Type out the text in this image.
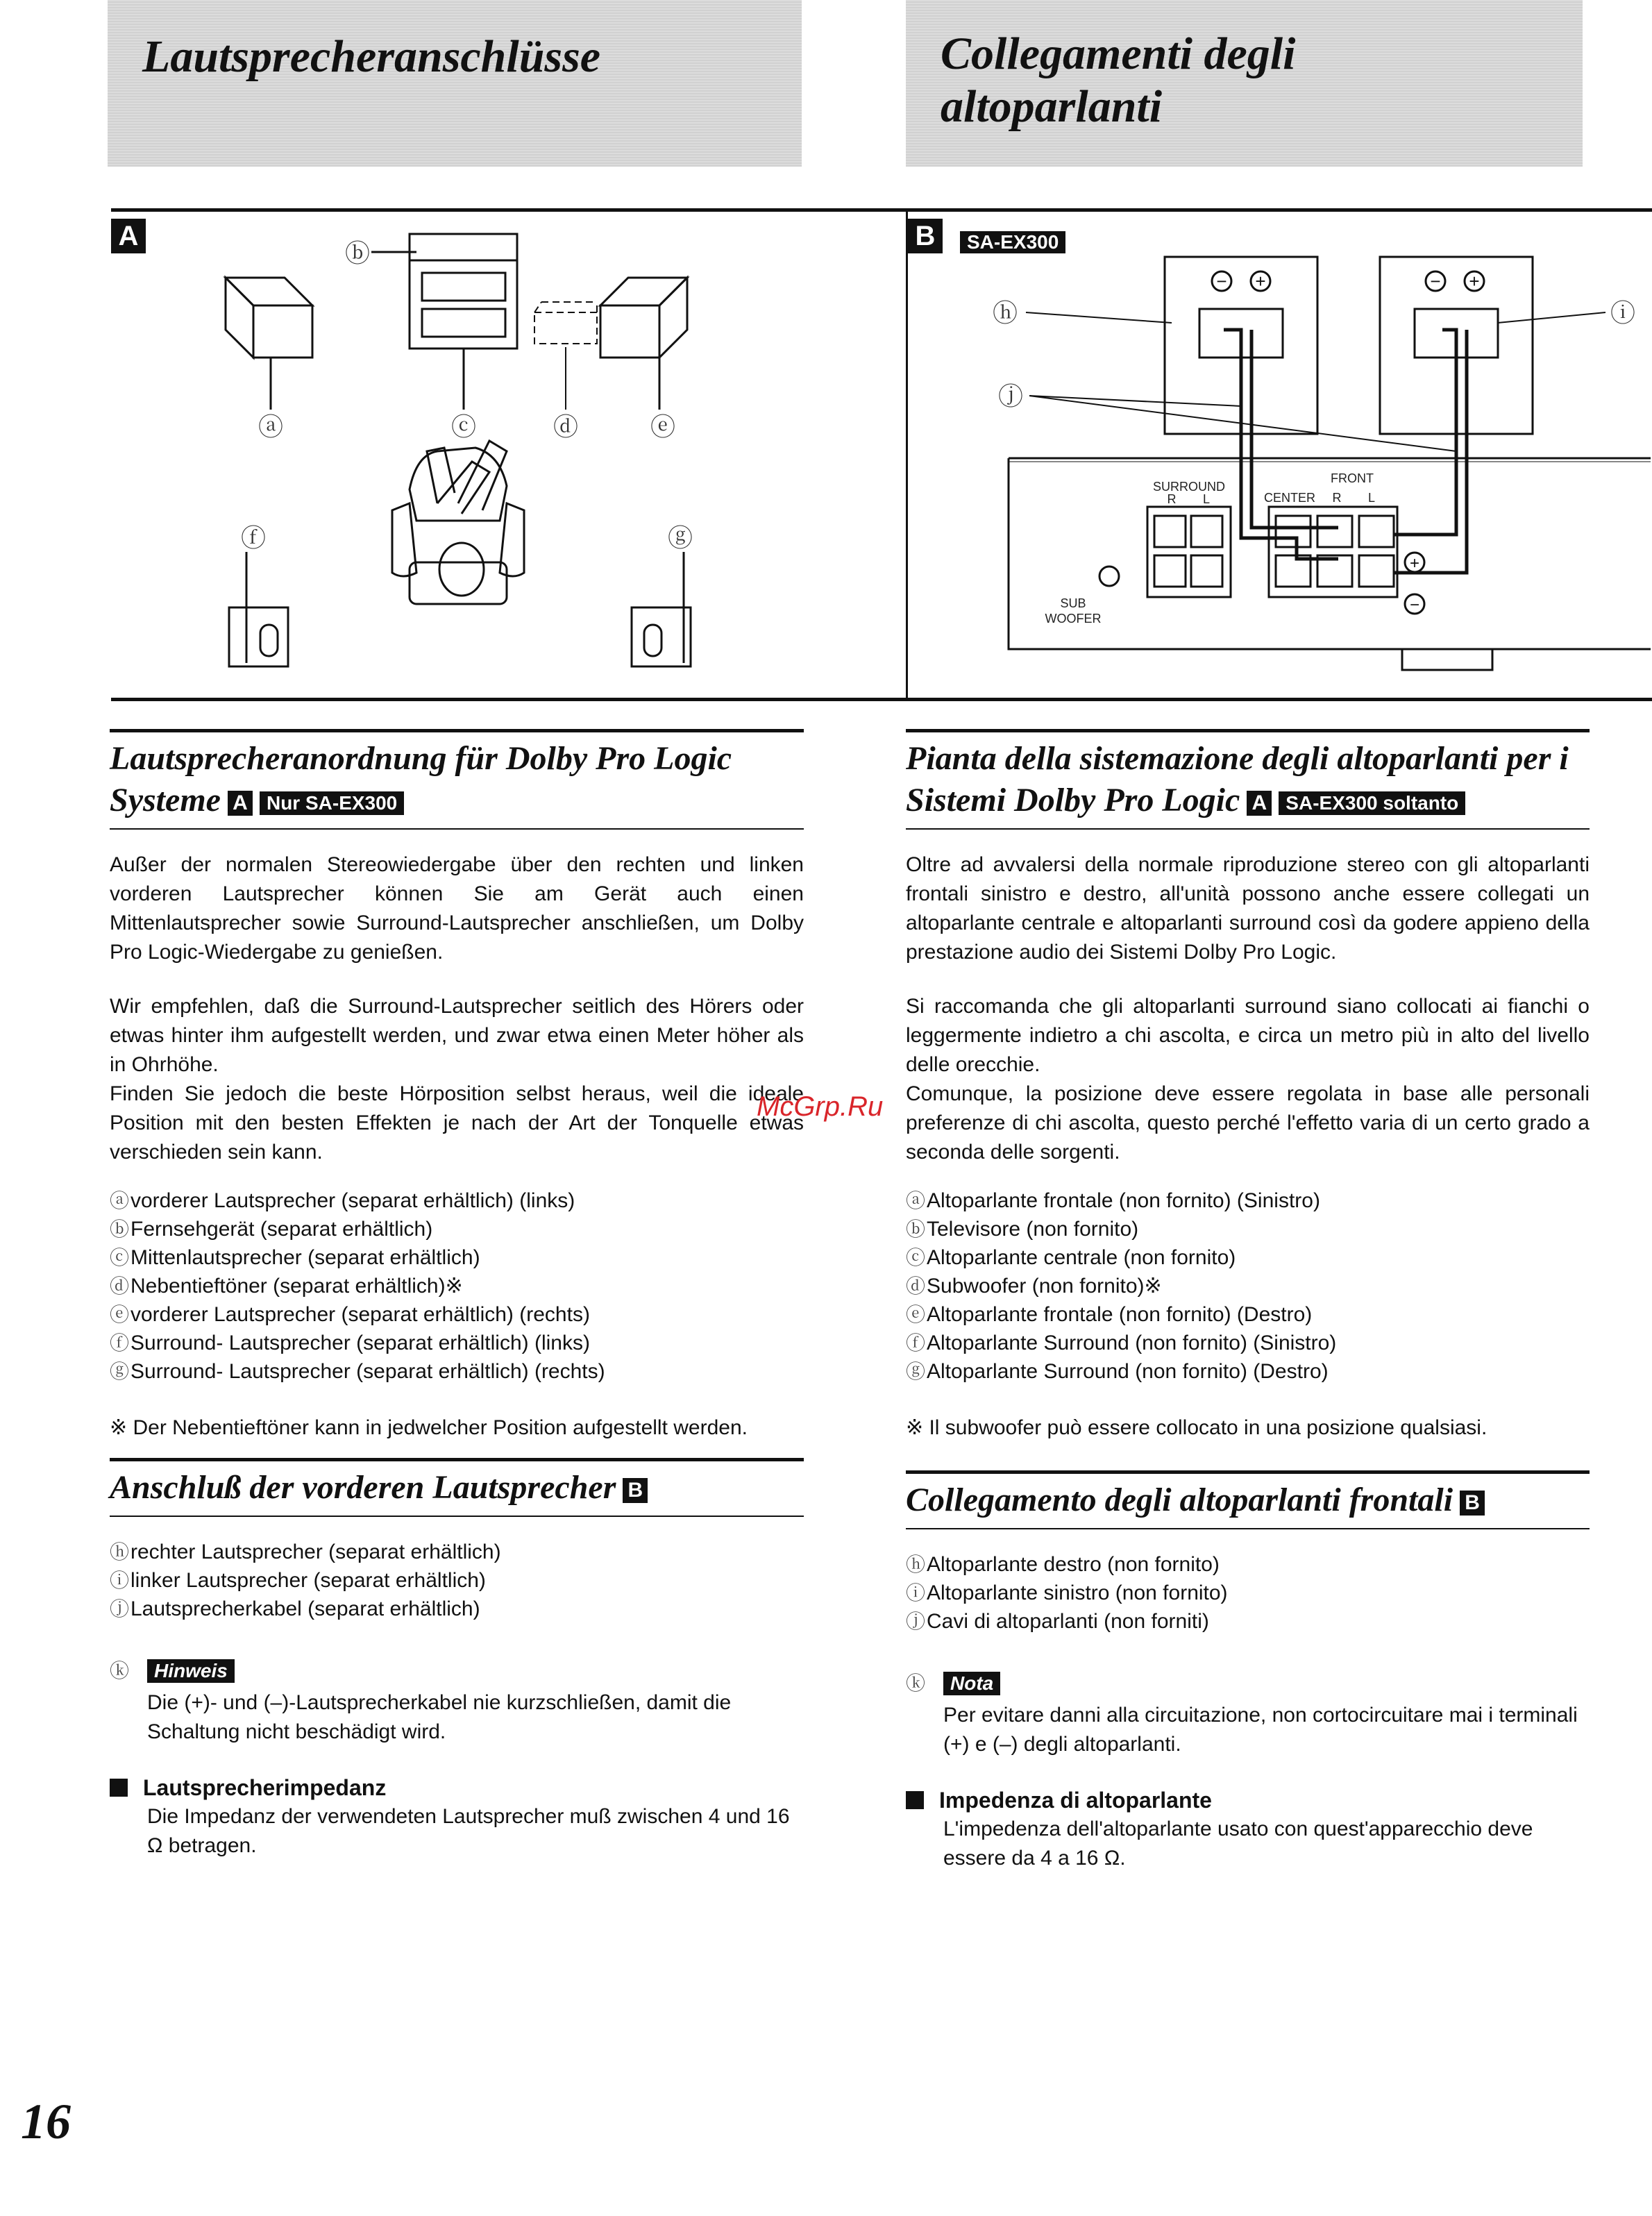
Lautsprecheranschlüsse	Collegamenti degli altoparlanti
A
ⓐ
ⓑ
ⓒ	ⓓ	ⓔ
ⓕ	ⓖ
B	SA-EX300
− +	− +
+
−
SURROUND
FRONT
CENTER
R L	R L
SUB
WOOFER
ⓗ	ⓘ
ⓙ
Lautsprecheranordnung für Dolby Pro Logic Systeme A Nur SA-EX300

Außer der normalen Stereowiedergabe über den rechten und linken vorderen Lautsprecher können Sie am Gerät auch einen Mittenlautsprecher sowie Surround-Lautsprecher anschließen, um Dolby Pro Logic-Wiedergabe zu genießen.

Wir empfehlen, daß die Surround-Lautsprecher seitlich des Hörers oder etwas hinter ihm aufgestellt werden, und zwar etwa einen Meter höher als in Ohrhöhe.

Finden Sie jedoch die beste Hörposition selbst heraus, weil die ideale Position mit den besten Effekten je nach der Art der Tonquelle etwas verschieden sein kann.

ⓐvorderer Lautsprecher (separat erhältlich) (links)
ⓑFernsehgerät (separat erhältlich)
ⓒMittenlautsprecher (separat erhältlich)
ⓓNebentieftöner (separat erhältlich)※
ⓔvorderer Lautsprecher (separat erhältlich) (rechts)
ⓕSurround- Lautsprecher (separat erhältlich) (links)
ⓖSurround- Lautsprecher (separat erhältlich) (rechts)

※ Der Nebentieftöner kann in jedwelcher Position aufgestellt werden.

Anschluß der vorderen Lautsprecher B
ⓗrechter Lautsprecher (separat erhältlich)
ⓘlinker Lautsprecher (separat erhältlich)
ⓙLautsprecherkabel (separat erhältlich)
ⓚ Hinweis
Die (+)- und (–)-Lautsprecherkabel nie kurzschließen, damit die Schaltung nicht beschädigt wird.
Lautsprecherimpedanz
Die Impedanz der verwendeten Lautsprecher muß zwischen 4 und 16 Ω betragen.
Pianta della sistemazione degli altoparlanti per i Sistemi Dolby Pro Logic A SA-EX300 soltanto

Oltre ad avvalersi della normale riproduzione stereo con gli altoparlanti frontali sinistro e destro, all'unità possono anche essere collegati un altoparlante centrale e altoparlanti surround così da godere appieno della prestazione audio dei Sistemi Dolby Pro Logic.

Si raccomanda che gli altoparlanti surround siano collocati ai fianchi o leggermente indietro a chi ascolta, e circa un metro più in alto del livello delle orecchie.

Comunque, la posizione deve essere regolata in base alle personali preferenze di chi ascolta, questo perché l'effetto varia di un certo grado a seconda delle sorgenti.

ⓐAltoparlante frontale (non fornito) (Sinistro)
ⓑTelevisore (non fornito)
ⓒAltoparlante centrale (non fornito)
ⓓSubwoofer (non fornito)※
ⓔAltoparlante frontale (non fornito) (Destro)
ⓕAltoparlante Surround (non fornito) (Sinistro)
ⓖAltoparlante Surround (non fornito) (Destro)

※ Il subwoofer può essere collocato in una posizione qualsiasi.

Collegamento degli altoparlanti frontali B
ⓗAltoparlante destro (non fornito)
ⓘAltoparlante sinistro (non fornito)
ⓙCavi di altoparlanti (non forniti)
ⓚ Nota
Per evitare danni alla circuitazione, non cortocircuitare mai i terminali (+) e (–) degli altoparlanti.
Impedenza di altoparlante
L'impedenza dell'altoparlante usato con quest'apparecchio deve essere da 4 a 16 Ω.
McGrp.Ru
16
